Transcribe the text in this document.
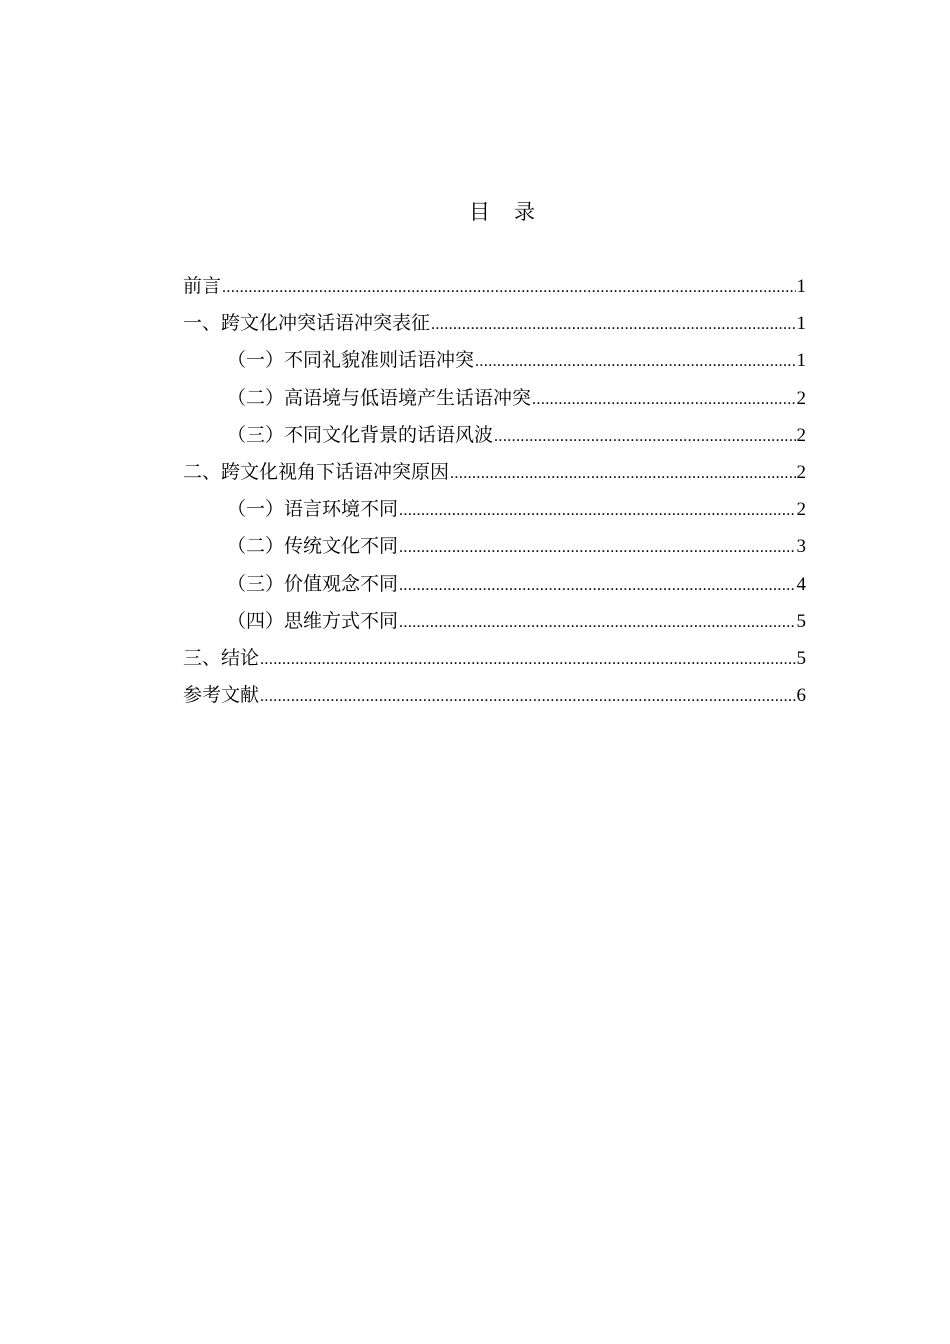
目 录
前言 .....	1
一、跨文化冲突话语冲突表征 .....	1
（一）不同礼貌准则话语冲突 .....	1
（二）高语境与低语境产生话语冲突 .....	2
（三）不同文化背景的话语风波 .....	2
二、跨文化视角下话语冲突原因 .....	2
（一）语言环境不同 .....	2
（二）传统文化不同 .....	3
（三）价值观念不同 .....	4
（四）思维方式不同 .....	5
三、结论 .....	5
参考文献 .....	6
